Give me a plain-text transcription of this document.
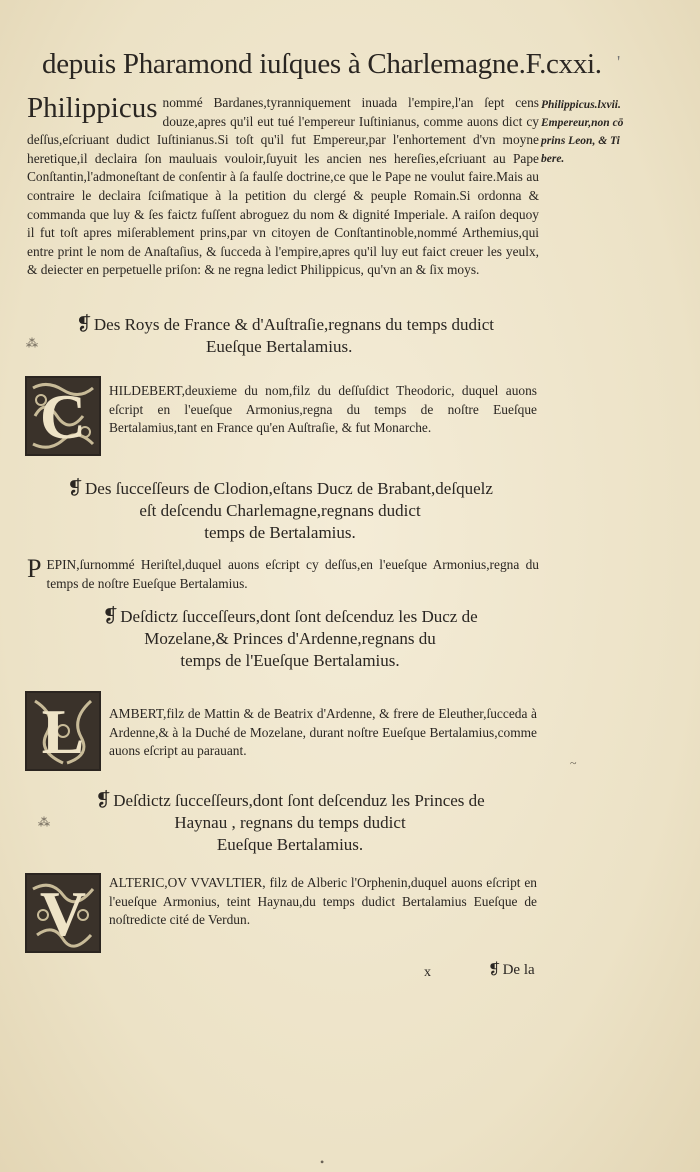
depuis Pharamond iuſques à Charlemagne.F.cxxi. '
Philippicus.lxvii.
Empereur,non cō
prins Leon, & Ti
bere.
Philippicus nommé Bardanes,tyranniquement inuada l'empire,l'an ſept cens douze,apres qu'il eut tué l'empereur Iuſtinianus, comme auons dict cy deſſus,eſcriuant dudict Iuſtinianus.Si toſt qu'il fut Empereur,par l'enhortement d'vn moyne heretique,il declaira ſon mauluais vouloir,ſuyuit les ancien nes hereſies,eſcriuant au Pape Conſtantin,l'admoneſtant de conſentir à ſa faulſe doctrine,ce que le Pape ne voulut faire.Mais au contraire le declaira ſciſmatique à la petition du clergé & peuple Romain.Si ordonna & commanda que luy & ſes faictz fuſſent abroguez du nom & dignité Imperiale. A raiſon dequoy il fut toſt apres miſerablement prins,par vn citoyen de Conſtantinoble,nommé Arthemius,qui entre print le nom de Anaſtaſius, & ſucceda à l'empire,apres qu'il luy eut faict creuer les yeulx, & deiecter en perpetuelle priſon: & ne regna ledict Philippicus, qu'vn an & ſix moys.
❡ Des Roys de France & d'Auſtraſie,regnans du temps dudict
Eueſque Bertalamius.
C	HILDEBERT,deuxieme du nom,filz du deſſuſdict Theodoric, duquel auons eſcript en l'eueſque Armonius,regna du temps de noſtre Eueſque Bertalamius,tant en France qu'en Auſtraſie, & fut Monarche.
❡ Des ſucceſſeurs de Clodion,eſtans Ducz de Brabant,deſquelz
eſt deſcendu Charlemagne,regnans dudict
temps de Bertalamius.
P EPIN,ſurnommé Heriſtel,duquel auons eſcript cy deſſus,en l'eueſque Armonius,regna du temps de noſtre Eueſque Bertalamius.
❡ Deſdictz ſucceſſeurs,dont ſont deſcenduz les Ducz de
Mozelane,& Princes d'Ardenne,regnans du
temps de l'Eueſque Bertalamius.
L	AMBERT,filz de Mattin & de Beatrix d'Ardenne, & frere de Eleuther,ſucceda à Ardenne,& à la Duché de Mozelane, durant noſtre Eueſque Bertalamius,comme auons eſcript au parauant.
❡ Deſdictz ſucceſſeurs,dont ſont deſcenduz les Princes de
Haynau , regnans du temps dudict
Eueſque Bertalamius.
V	ALTERIC,OV VVAVLTIER, filz de Alberic l'Orphenin,duquel auons eſcript en l'eueſque Armonius, teint Haynau,du temps dudict Bertalamius Eueſque de noſtredicte cité de Verdun.
x	❡ De la
⁂
⁂
~
•
